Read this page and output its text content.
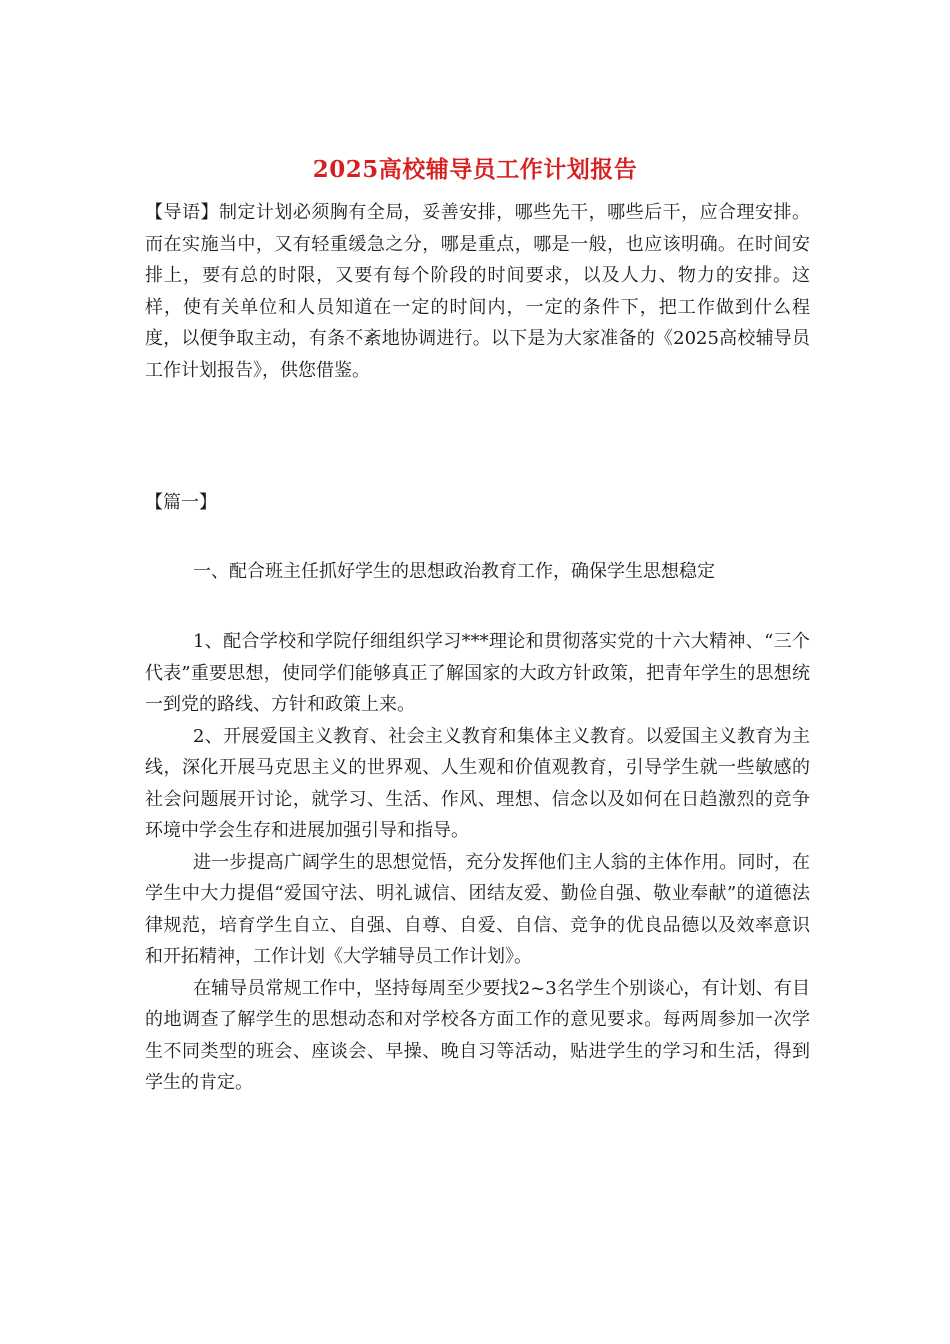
2025高校辅导员工作计划报告

【导语】制定计划必须胸有全局，妥善安排，哪些先干，哪些后干，应合理安排。而在实施当中，又有轻重缓急之分，哪是重点，哪是一般，也应该明确。在时间安排上，要有总的时限，又要有每个阶段的时间要求，以及人力、物力的安排。这样，使有关单位和人员知道在一定的时间内，一定的条件下，把工作做到什么程度，以便争取主动，有条不紊地协调进行。以下是为大家准备的《2025高校辅导员工作计划报告》，供您借鉴。

【篇一】

一、配合班主任抓好学生的思想政治教育工作，确保学生思想稳定

1、配合学校和学院仔细组织学习***理论和贯彻落实党的十六大精神、“三个代表”重要思想，使同学们能够真正了解国家的大政方针政策，把青年学生的思想统一到党的路线、方针和政策上来。

2、开展爱国主义教育、社会主义教育和集体主义教育。以爱国主义教育为主线，深化开展马克思主义的世界观、人生观和价值观教育，引导学生就一些敏感的社会问题展开讨论，就学习、生活、作风、理想、信念以及如何在日趋激烈的竞争环境中学会生存和进展加强引导和指导。

进一步提高广阔学生的思想觉悟，充分发挥他们主人翁的主体作用。同时，在学生中大力提倡“爱国守法、明礼诚信、团结友爱、勤俭自强、敬业奉献”的道德法律规范，培育学生自立、自强、自尊、自爱、自信、竞争的优良品德以及效率意识和开拓精神，工作计划《大学辅导员工作计划》。

在辅导员常规工作中，坚持每周至少要找2~3名学生个别谈心，有计划、有目的地调查了解学生的思想动态和对学校各方面工作的意见要求。每两周参加一次学生不同类型的班会、座谈会、早操、晚自习等活动，贴进学生的学习和生活，得到学生的肯定。
